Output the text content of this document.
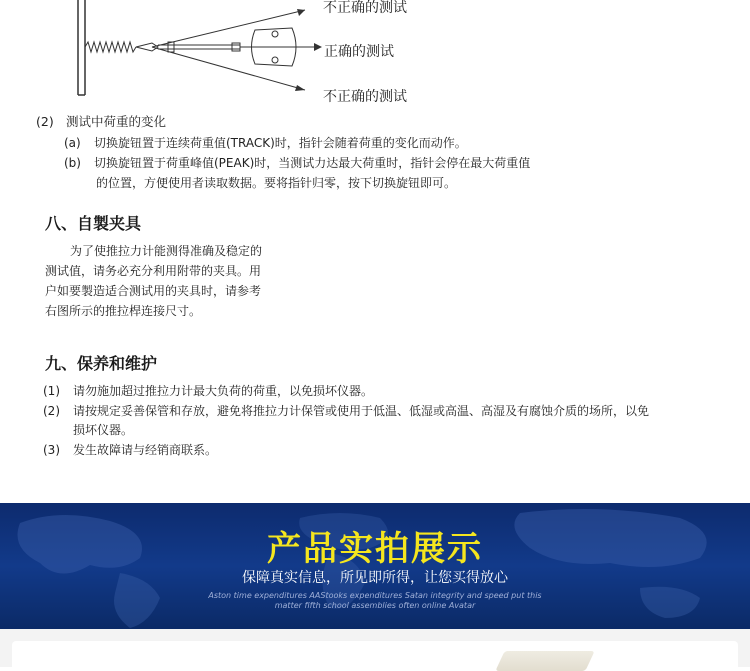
不正确的测试
正确的测试
不正确的测试
(2) 测试中荷重的变化
(a) 切换旋钮置于连续荷重值(TRACK)时，指针会随着荷重的变化而动作。
(b) 切换旋钮置于荷重峰值(PEAK)时，当测试力达最大荷重时，指针会停在最大荷重值
的位置，方便使用者读取数据。要将指针归零，按下切换旋钮即可。
八、自製夹具
为了使推拉力计能测得准确及稳定的
测试值，请务必充分利用附带的夹具。用
户如要製造适合测试用的夹具时，请参考
右图所示的推拉桿连接尺寸。
九、保养和维护
(1) 请勿施加超过推拉力计最大负荷的荷重，以免损坏仪器。
(2) 请按规定妥善保管和存放，避免将推拉力计保管或使用于低温、低湿或高温、高湿及有腐蚀介质的场所，以免
损坏仪器。
(3) 发生故障请与经销商联系。
产品实拍展示
保障真实信息，所见即所得，让您买得放心
Aston time expenditures AAStooks expenditures Satan integrity and speed put this
matter fifth school assemblies often online Avatar
